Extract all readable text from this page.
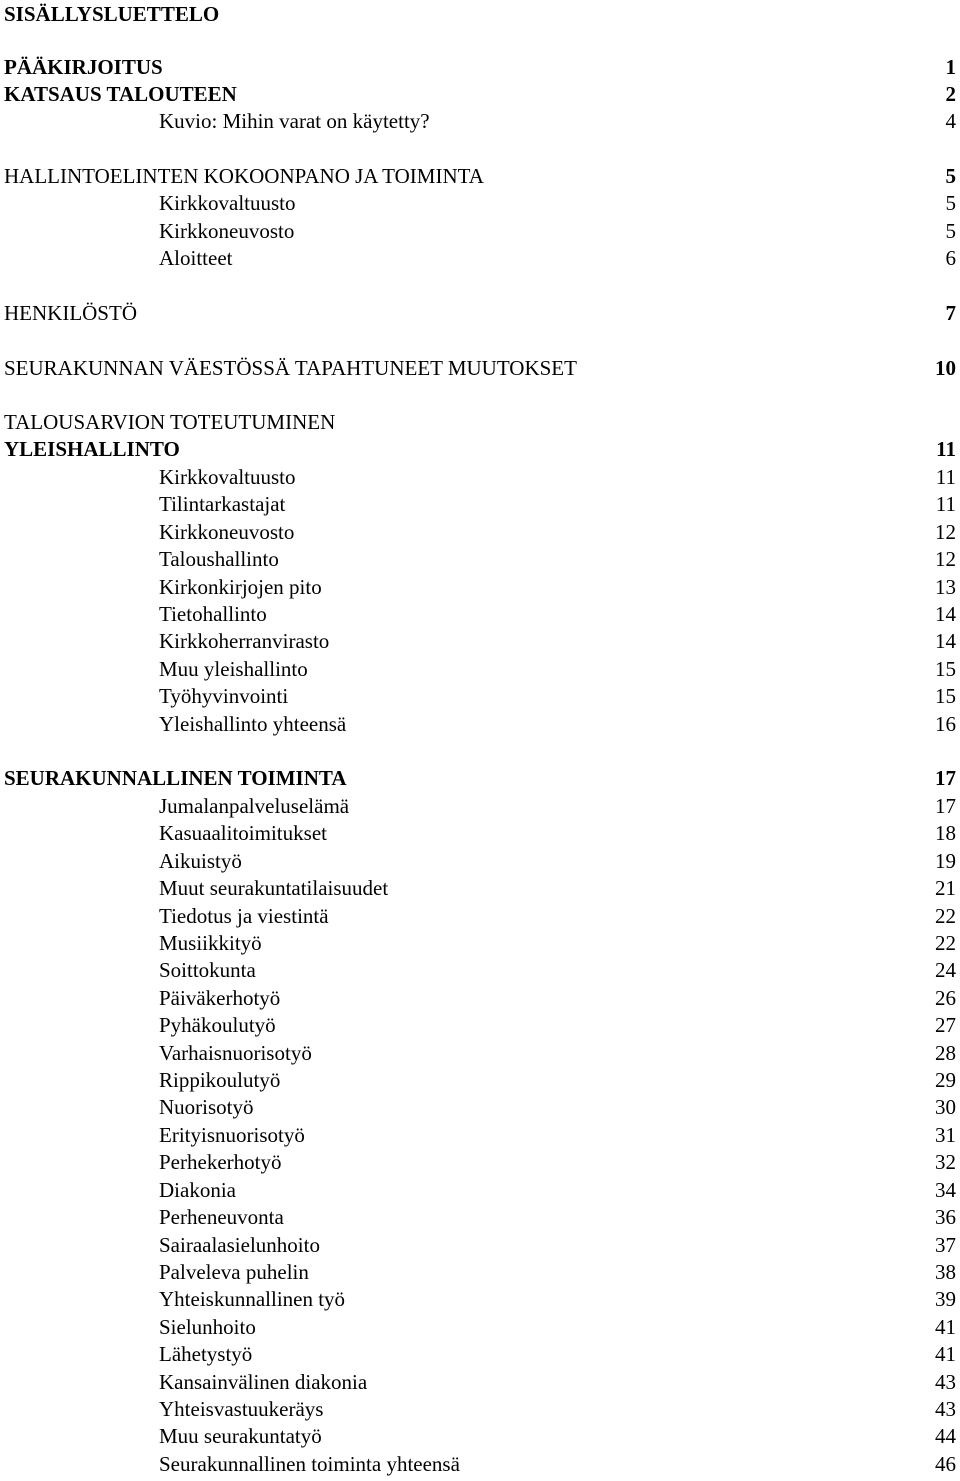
SISÄLLYSLUETTELO
PÄÄKIRJOITUS	1
KATSAUS TALOUTEEN	2
Kuvio: Mihin varat on käytetty?	4
HALLINTOELINTEN KOKOONPANO JA TOIMINTA	5
Kirkkovaltuusto	5
Kirkkoneuvosto	5
Aloitteet	6
HENKILÖSTÖ	7
SEURAKUNNAN VÄESTÖSSÄ TAPAHTUNEET MUUTOKSET	10
TALOUSARVION TOTEUTUMINEN
YLEISHALLINTO	11
Kirkkovaltuusto	11
Tilintarkastajat	11
Kirkkoneuvosto	12
Taloushallinto	12
Kirkonkirjojen pito	13
Tietohallinto	14
Kirkkoherranvirasto	14
Muu yleishallinto	15
Työhyvinvointi	15
Yleishallinto yhteensä	16
SEURAKUNNALLINEN TOIMINTA	17
Jumalanpalveluselämä	17
Kasuaalitoimitukset	18
Aikuistyö	19
Muut seurakuntatilaisuudet	21
Tiedotus ja viestintä	22
Musiikkityö	22
Soittokunta	24
Päiväkerhotyö	26
Pyhäkoulutyö	27
Varhaisnuorisotyö	28
Rippikoulutyö	29
Nuorisotyö	30
Erityisnuorisotyö	31
Perhekerhotyö	32
Diakonia	34
Perheneuvonta	36
Sairaalasielunhoito	37
Palveleva puhelin	38
Yhteiskunnallinen työ	39
Sielunhoito	41
Lähetystyö	41
Kansainvälinen diakonia	43
Yhteisvastuukeräys	43
Muu seurakuntatyö	44
Seurakunnallinen toiminta yhteensä	46
